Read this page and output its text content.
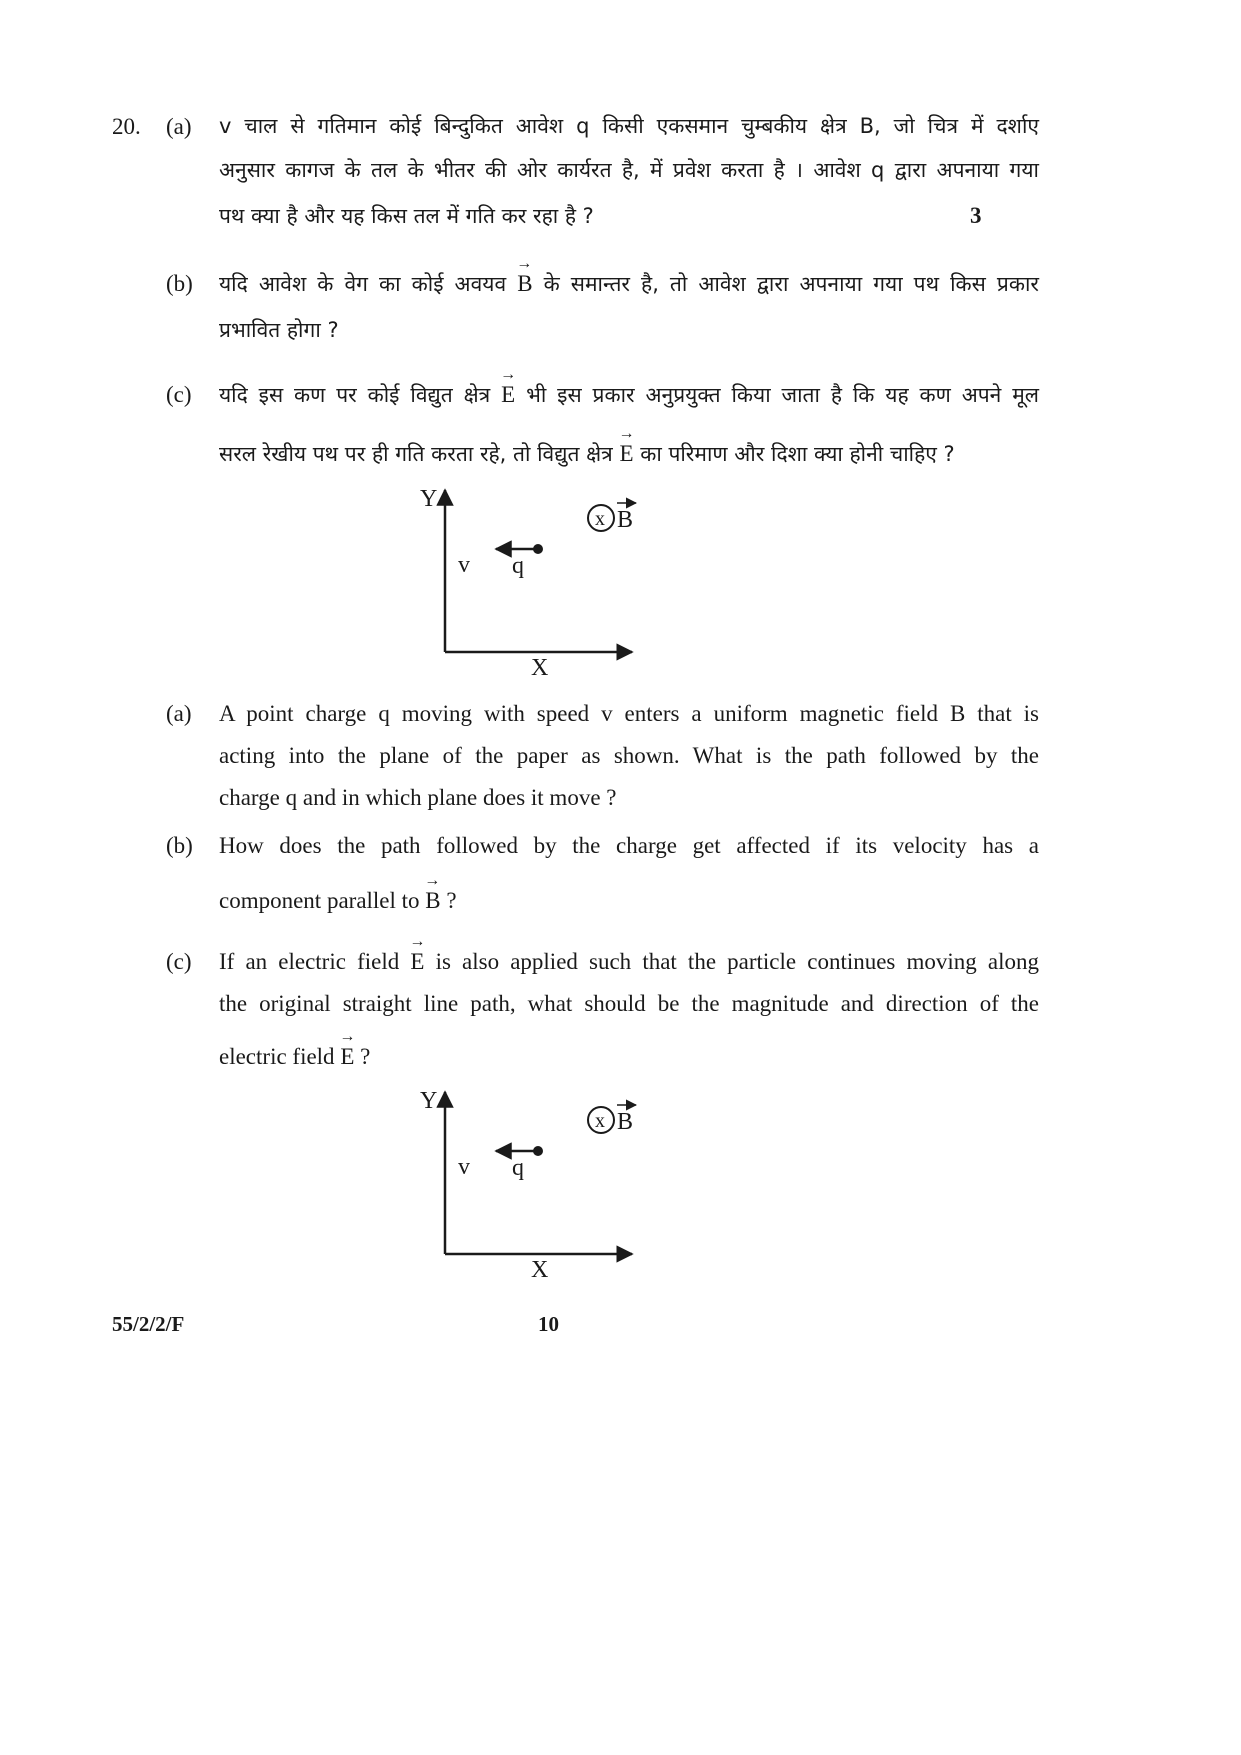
20.
3
(a) v चाल से गतिमान कोई बिन्दुकित आवेश q किसी एकसमान चुम्बकीय क्षेत्र B, जो चित्र में दर्शाए
अनुसार कागज के तल के भीतर की ओर कार्यरत है, में प्रवेश करता है । आवेश q द्वारा अपनाया गया
पथ क्या है और यह किस तल में गति कर रहा है ?
(b) यदि आवेश के वेग का कोई अवयव → B के समान्तर है, तो आवेश द्वारा अपनाया गया पथ किस प्रकार
प्रभावित होगा ?
(c) यदि इस कण पर कोई विद्युत क्षेत्र → E भी इस प्रकार अनुप्रयुक्त किया जाता है कि यह कण अपने मूल
सरल रेखीय पथ पर ही गति करता रहे, तो विद्युत क्षेत्र → E का परिमाण और दिशा क्या होनी चाहिए ?
Y
X
v q
x B
(a) A point charge q moving with speed v enters a uniform magnetic field B that is
acting into the plane of the paper as shown. What is the path followed by the
charge q and in which plane does it move ?
(b) How does the path followed by the charge get affected if its velocity has a
component parallel to → B ?
(c) If an electric field → E is also applied such that the particle continues moving along
the original straight line path, what should be the magnitude and direction of the
electric field → E ?
Y
X
v q
x B
55/2/2/F	10
